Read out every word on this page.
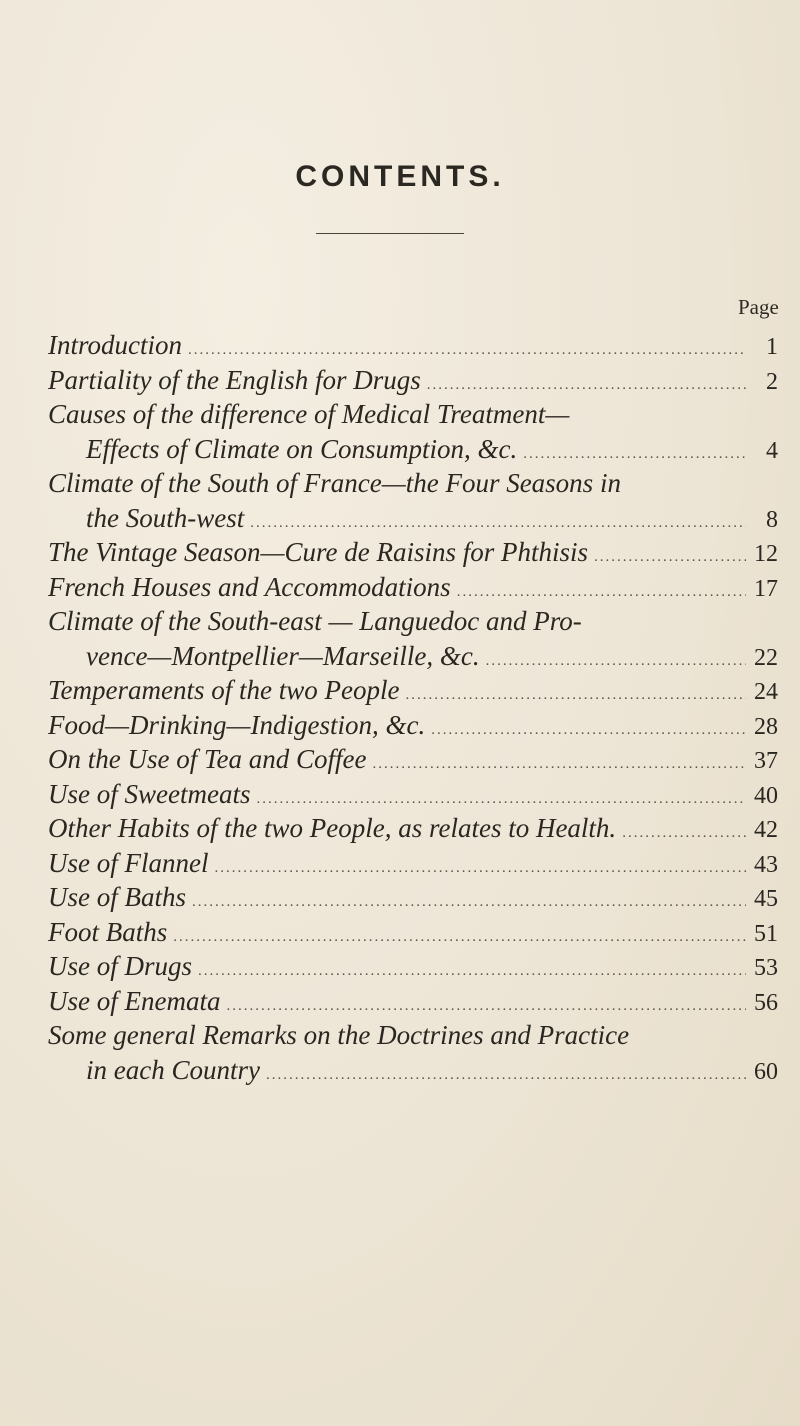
CONTENTS.
Page
Introduction .....	1
Partiality of the English for Drugs .....	2
Causes of the difference of Medical Treatment—
Effects of Climate on Consumption, &c. .....	4
Climate of the South of France—the Four Seasons in
the South-west .....	8
The Vintage Season—Cure de Raisins for Phthisis .....	12
French Houses and Accommodations .....	17
Climate of the South-east — Languedoc and Pro-
vence—Montpellier—Marseille, &c. .....	22
Temperaments of the two People .....	24
Food—Drinking—Indigestion, &c. .....	28
On the Use of Tea and Coffee .....	37
Use of Sweetmeats .....	40
Other Habits of the two People, as relates to Health. .....	42
Use of Flannel .....	43
Use of Baths .....	45
Foot Baths .....	51
Use of Drugs .....	53
Use of Enemata .....	56
Some general Remarks on the Doctrines and Practice
in each Country .....	60
